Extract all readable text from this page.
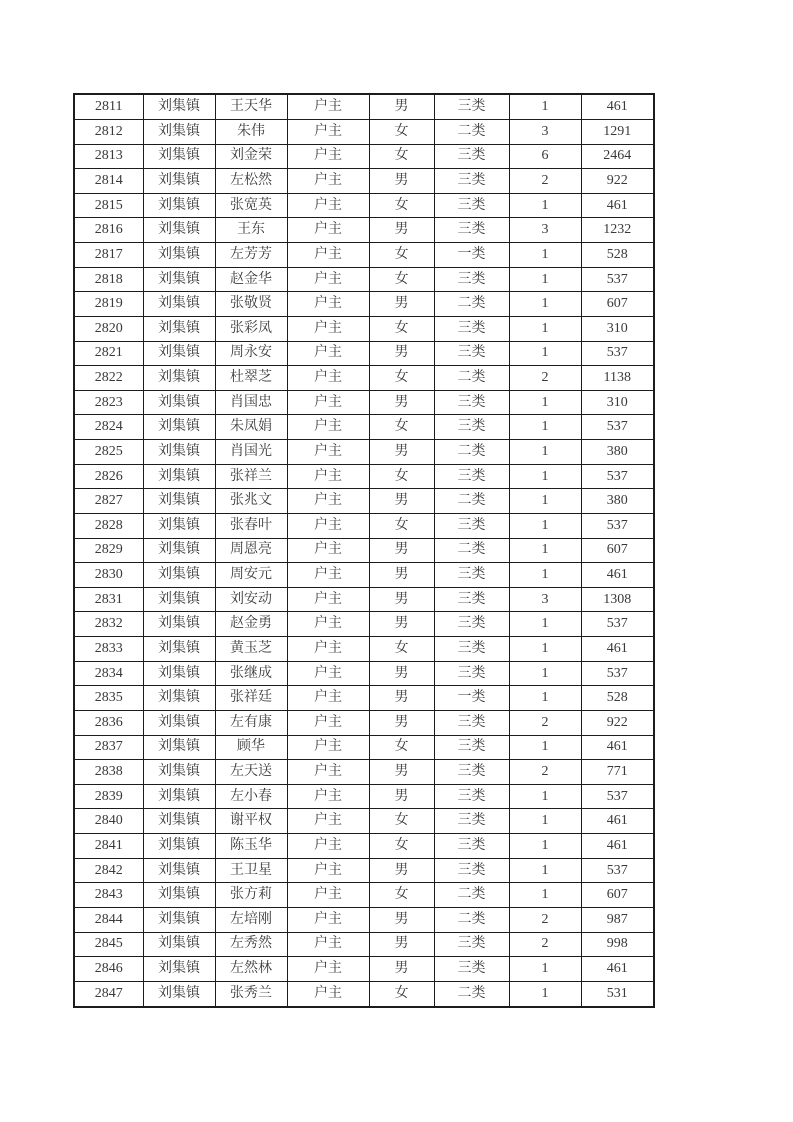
2811	刘集镇	王天华	户主	男	三类	1	461
2812	刘集镇	朱伟	户主	女	二类	3	1291
2813	刘集镇	刘金荣	户主	女	三类	6	2464
2814	刘集镇	左松然	户主	男	三类	2	922
2815	刘集镇	张宽英	户主	女	三类	1	461
2816	刘集镇	王东	户主	男	三类	3	1232
2817	刘集镇	左芳芳	户主	女	一类	1	528
2818	刘集镇	赵金华	户主	女	三类	1	537
2819	刘集镇	张敬贤	户主	男	二类	1	607
2820	刘集镇	张彩凤	户主	女	三类	1	310
2821	刘集镇	周永安	户主	男	三类	1	537
2822	刘集镇	杜翠芝	户主	女	二类	2	1138
2823	刘集镇	肖国忠	户主	男	三类	1	310
2824	刘集镇	朱凤娟	户主	女	三类	1	537
2825	刘集镇	肖国光	户主	男	二类	1	380
2826	刘集镇	张祥兰	户主	女	三类	1	537
2827	刘集镇	张兆文	户主	男	二类	1	380
2828	刘集镇	张春叶	户主	女	三类	1	537
2829	刘集镇	周恩亮	户主	男	二类	1	607
2830	刘集镇	周安元	户主	男	三类	1	461
2831	刘集镇	刘安动	户主	男	三类	3	1308
2832	刘集镇	赵金勇	户主	男	三类	1	537
2833	刘集镇	黄玉芝	户主	女	三类	1	461
2834	刘集镇	张继成	户主	男	三类	1	537
2835	刘集镇	张祥廷	户主	男	一类	1	528
2836	刘集镇	左有康	户主	男	三类	2	922
2837	刘集镇	顾华	户主	女	三类	1	461
2838	刘集镇	左天送	户主	男	三类	2	771
2839	刘集镇	左小春	户主	男	三类	1	537
2840	刘集镇	谢平权	户主	女	三类	1	461
2841	刘集镇	陈玉华	户主	女	三类	1	461
2842	刘集镇	王卫星	户主	男	三类	1	537
2843	刘集镇	张方莉	户主	女	二类	1	607
2844	刘集镇	左培刚	户主	男	二类	2	987
2845	刘集镇	左秀然	户主	男	三类	2	998
2846	刘集镇	左然林	户主	男	三类	1	461
2847	刘集镇	张秀兰	户主	女	二类	1	531
